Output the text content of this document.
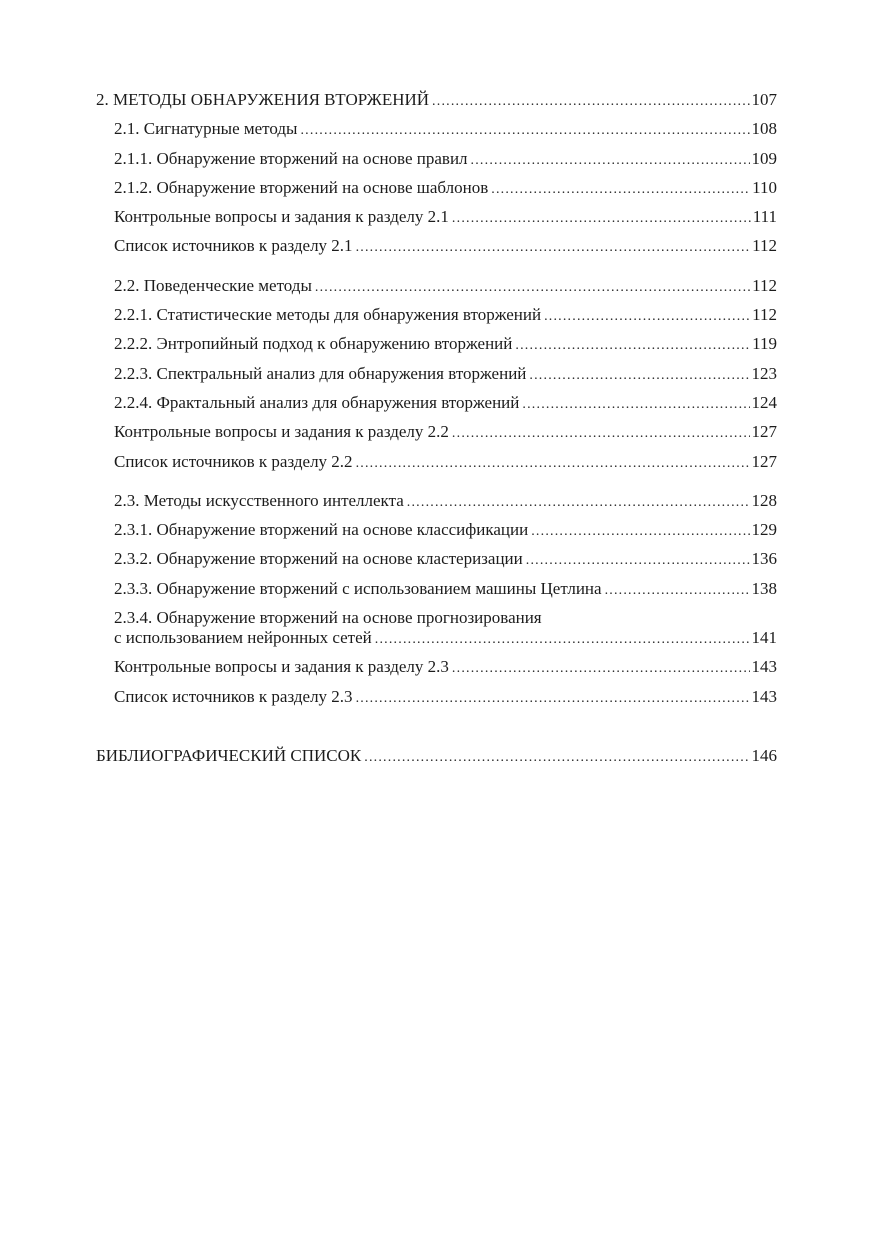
2. МЕТОДЫ ОБНАРУЖЕНИЯ ВТОРЖЕНИЙ .....	107
2.1. Сигнатурные методы .....	108
2.1.1. Обнаружение вторжений на основе правил .....	109
2.1.2. Обнаружение вторжений на основе шаблонов .....	110
Контрольные вопросы и задания к разделу 2.1 .....	111
Список источников к разделу 2.1 .....	112
2.2. Поведенческие методы .....	112
2.2.1. Статистические методы для обнаружения вторжений .....	112
2.2.2. Энтропийный подход к обнаружению вторжений .....	119
2.2.3. Спектральный анализ для обнаружения вторжений .....	123
2.2.4. Фрактальный анализ для обнаружения вторжений .....	124
Контрольные вопросы и задания к разделу 2.2 .....	127
Список источников к разделу 2.2 .....	127
2.3. Методы искусственного интеллекта .....	128
2.3.1. Обнаружение вторжений на основе классификации .....	129
2.3.2. Обнаружение вторжений на основе кластеризации .....	136
2.3.3. Обнаружение вторжений с использованием машины Цетлина .....	138
2.3.4. Обнаружение вторжений на основе прогнозирования
с использованием нейронных сетей .....	141
Контрольные вопросы и задания к разделу 2.3 .....	143
Список источников к разделу 2.3 .....	143
БИБЛИОГРАФИЧЕСКИЙ СПИСОК .....	146
